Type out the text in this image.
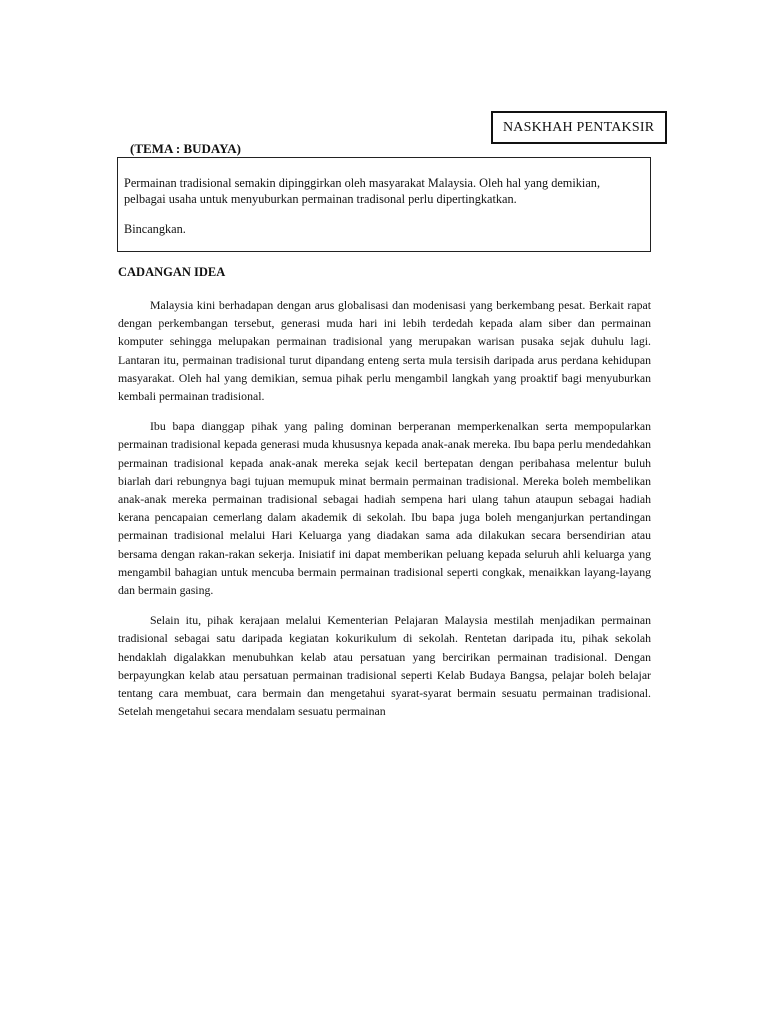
NASKHAH PENTAKSIR
(TEMA : BUDAYA)

Permainan tradisional semakin dipinggirkan oleh masyarakat Malaysia. Oleh hal yang demikian, pelbagai usaha untuk menyuburkan permainan tradisonal perlu dipertingkatkan.

Bincangkan.

CADANGAN IDEA

Malaysia kini berhadapan dengan arus globalisasi dan modenisasi yang berkembang pesat. Berkait rapat dengan perkembangan tersebut, generasi muda hari ini lebih terdedah kepada alam siber dan permainan komputer sehingga melupakan permainan tradisional yang merupakan warisan pusaka sejak duhulu lagi. Lantaran itu, permainan tradisional turut dipandang enteng serta mula tersisih daripada arus perdana kehidupan masyarakat. Oleh hal yang demikian, semua pihak perlu mengambil langkah yang proaktif bagi menyuburkan kembali permainan tradisional.

Ibu bapa dianggap pihak yang paling dominan berperanan memperkenalkan serta mempopularkan permainan tradisional kepada generasi muda khususnya kepada anak-anak mereka. Ibu bapa perlu mendedahkan permainan tradisional kepada anak-anak mereka sejak kecil bertepatan dengan peribahasa melentur buluh biarlah dari rebungnya bagi tujuan memupuk minat bermain permainan tradisional. Mereka boleh membelikan anak-anak mereka permainan tradisional sebagai hadiah sempena hari ulang tahun ataupun sebagai hadiah kerana pencapaian cemerlang dalam akademik di sekolah. Ibu bapa juga boleh menganjurkan pertandingan permainan tradisional melalui Hari Keluarga yang diadakan sama ada dilakukan secara bersendirian atau bersama dengan rakan-rakan sekerja. Inisiatif ini dapat memberikan peluang kepada seluruh ahli keluarga yang mengambil bahagian untuk mencuba bermain permainan tradisional seperti congkak, menaikkan layang-layang dan bermain gasing.

Selain itu, pihak kerajaan melalui Kementerian Pelajaran Malaysia mestilah menjadikan permainan tradisional sebagai satu daripada kegiatan kokurikulum di sekolah. Rentetan daripada itu, pihak sekolah hendaklah digalakkan menubuhkan kelab atau persatuan yang bercirikan permainan tradisional. Dengan berpayungkan kelab atau persatuan permainan tradisional seperti Kelab Budaya Bangsa, pelajar boleh belajar tentang cara membuat, cara bermain dan mengetahui syarat-syarat bermain sesuatu permainan tradisional. Setelah mengetahui secara mendalam sesuatu permainan
